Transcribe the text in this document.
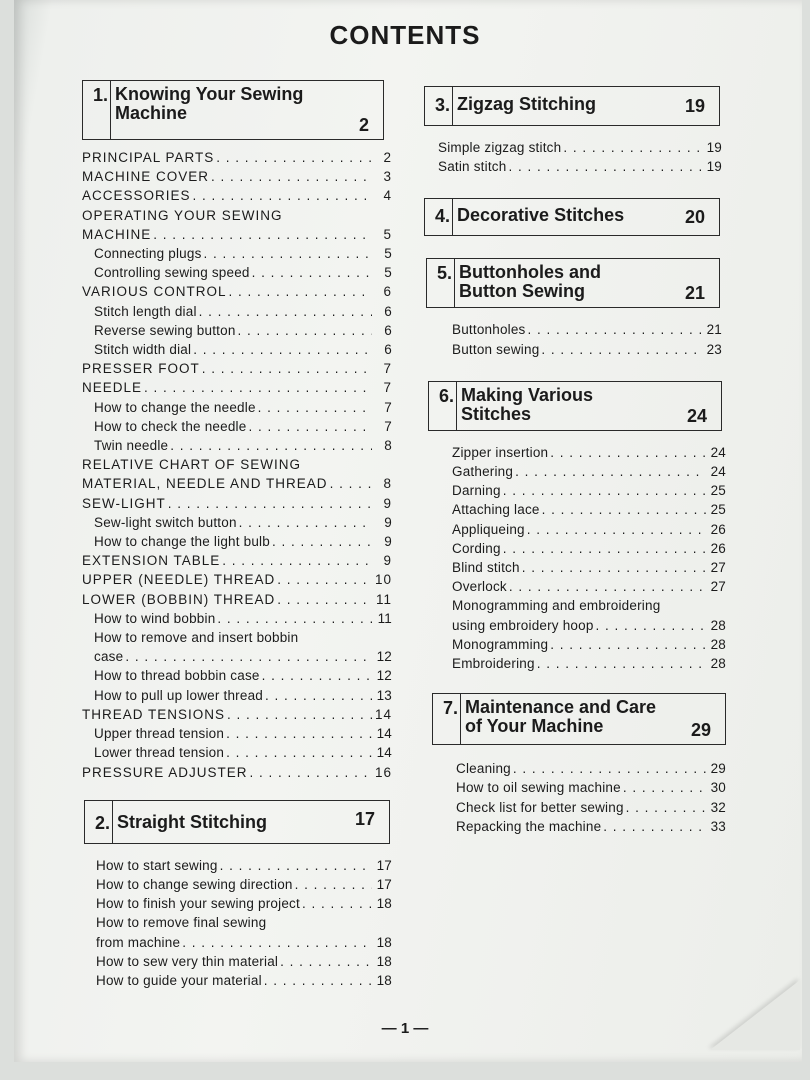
CONTENTS
1. Knowing Your Sewing
Machine
2
PRINCIPAL PARTS . . .	2
MACHINE COVER . . .	3
ACCESSORIES . . .	4
OPERATING YOUR SEWING
MACHINE . . .	5
Connecting plugs . . .	5
Controlling sewing speed . . .	5
VARIOUS CONTROL . . .	6
Stitch length dial . . .	6
Reverse sewing button . . .	6
Stitch width dial . . .	6
PRESSER FOOT . . .	7
NEEDLE . . .	7
How to change the needle . . .	7
How to check the needle . . .	7
Twin needle . . .	8
RELATIVE CHART OF SEWING
MATERIAL, NEEDLE AND THREAD . . .	8
SEW-LIGHT . . .	9
Sew-light switch button . . .	9
How to change the light bulb . . .	9
EXTENSION TABLE . . .	9
UPPER (NEEDLE) THREAD . . .	10
LOWER (BOBBIN) THREAD . . .	11
How to wind bobbin . . .	11
How to remove and insert bobbin
case . . .	12
How to thread bobbin case . . .	12
How to pull up lower thread . . .	13
THREAD TENSIONS . . .	14
Upper thread tension . . .	14
Lower thread tension . . .	14
PRESSURE ADJUSTER . . .	16
2. Straight Stitching	17
How to start sewing . . .	17
How to change sewing direction . . .	17
How to finish your sewing project . . .	18
How to remove final sewing
from machine . . .	18
How to sew very thin material . . .	18
How to guide your material . . .	18
3. Zigzag Stitching	19
Simple zigzag stitch . . .	19
Satin stitch . . .	19
4. Decorative Stitches	20
5. Buttonholes and
Button Sewing	21
Buttonholes . . .	21
Button sewing . . .	23
6. Making Various
Stitches	24
Zipper insertion . . .	24
Gathering . . .	24
Darning . . .	25
Attaching lace . . .	25
Appliqueing . . .	26
Cording . . .	26
Blind stitch . . .	27
Overlock . . .	27
Monogramming and embroidering
using embroidery hoop . . .	28
Monogramming . . .	28
Embroidering . . .	28
7. Maintenance and Care
of Your Machine	29
Cleaning . . .	29
How to oil sewing machine . . .	30
Check list for better sewing . . .	32
Repacking the machine . . .	33
— 1 —
